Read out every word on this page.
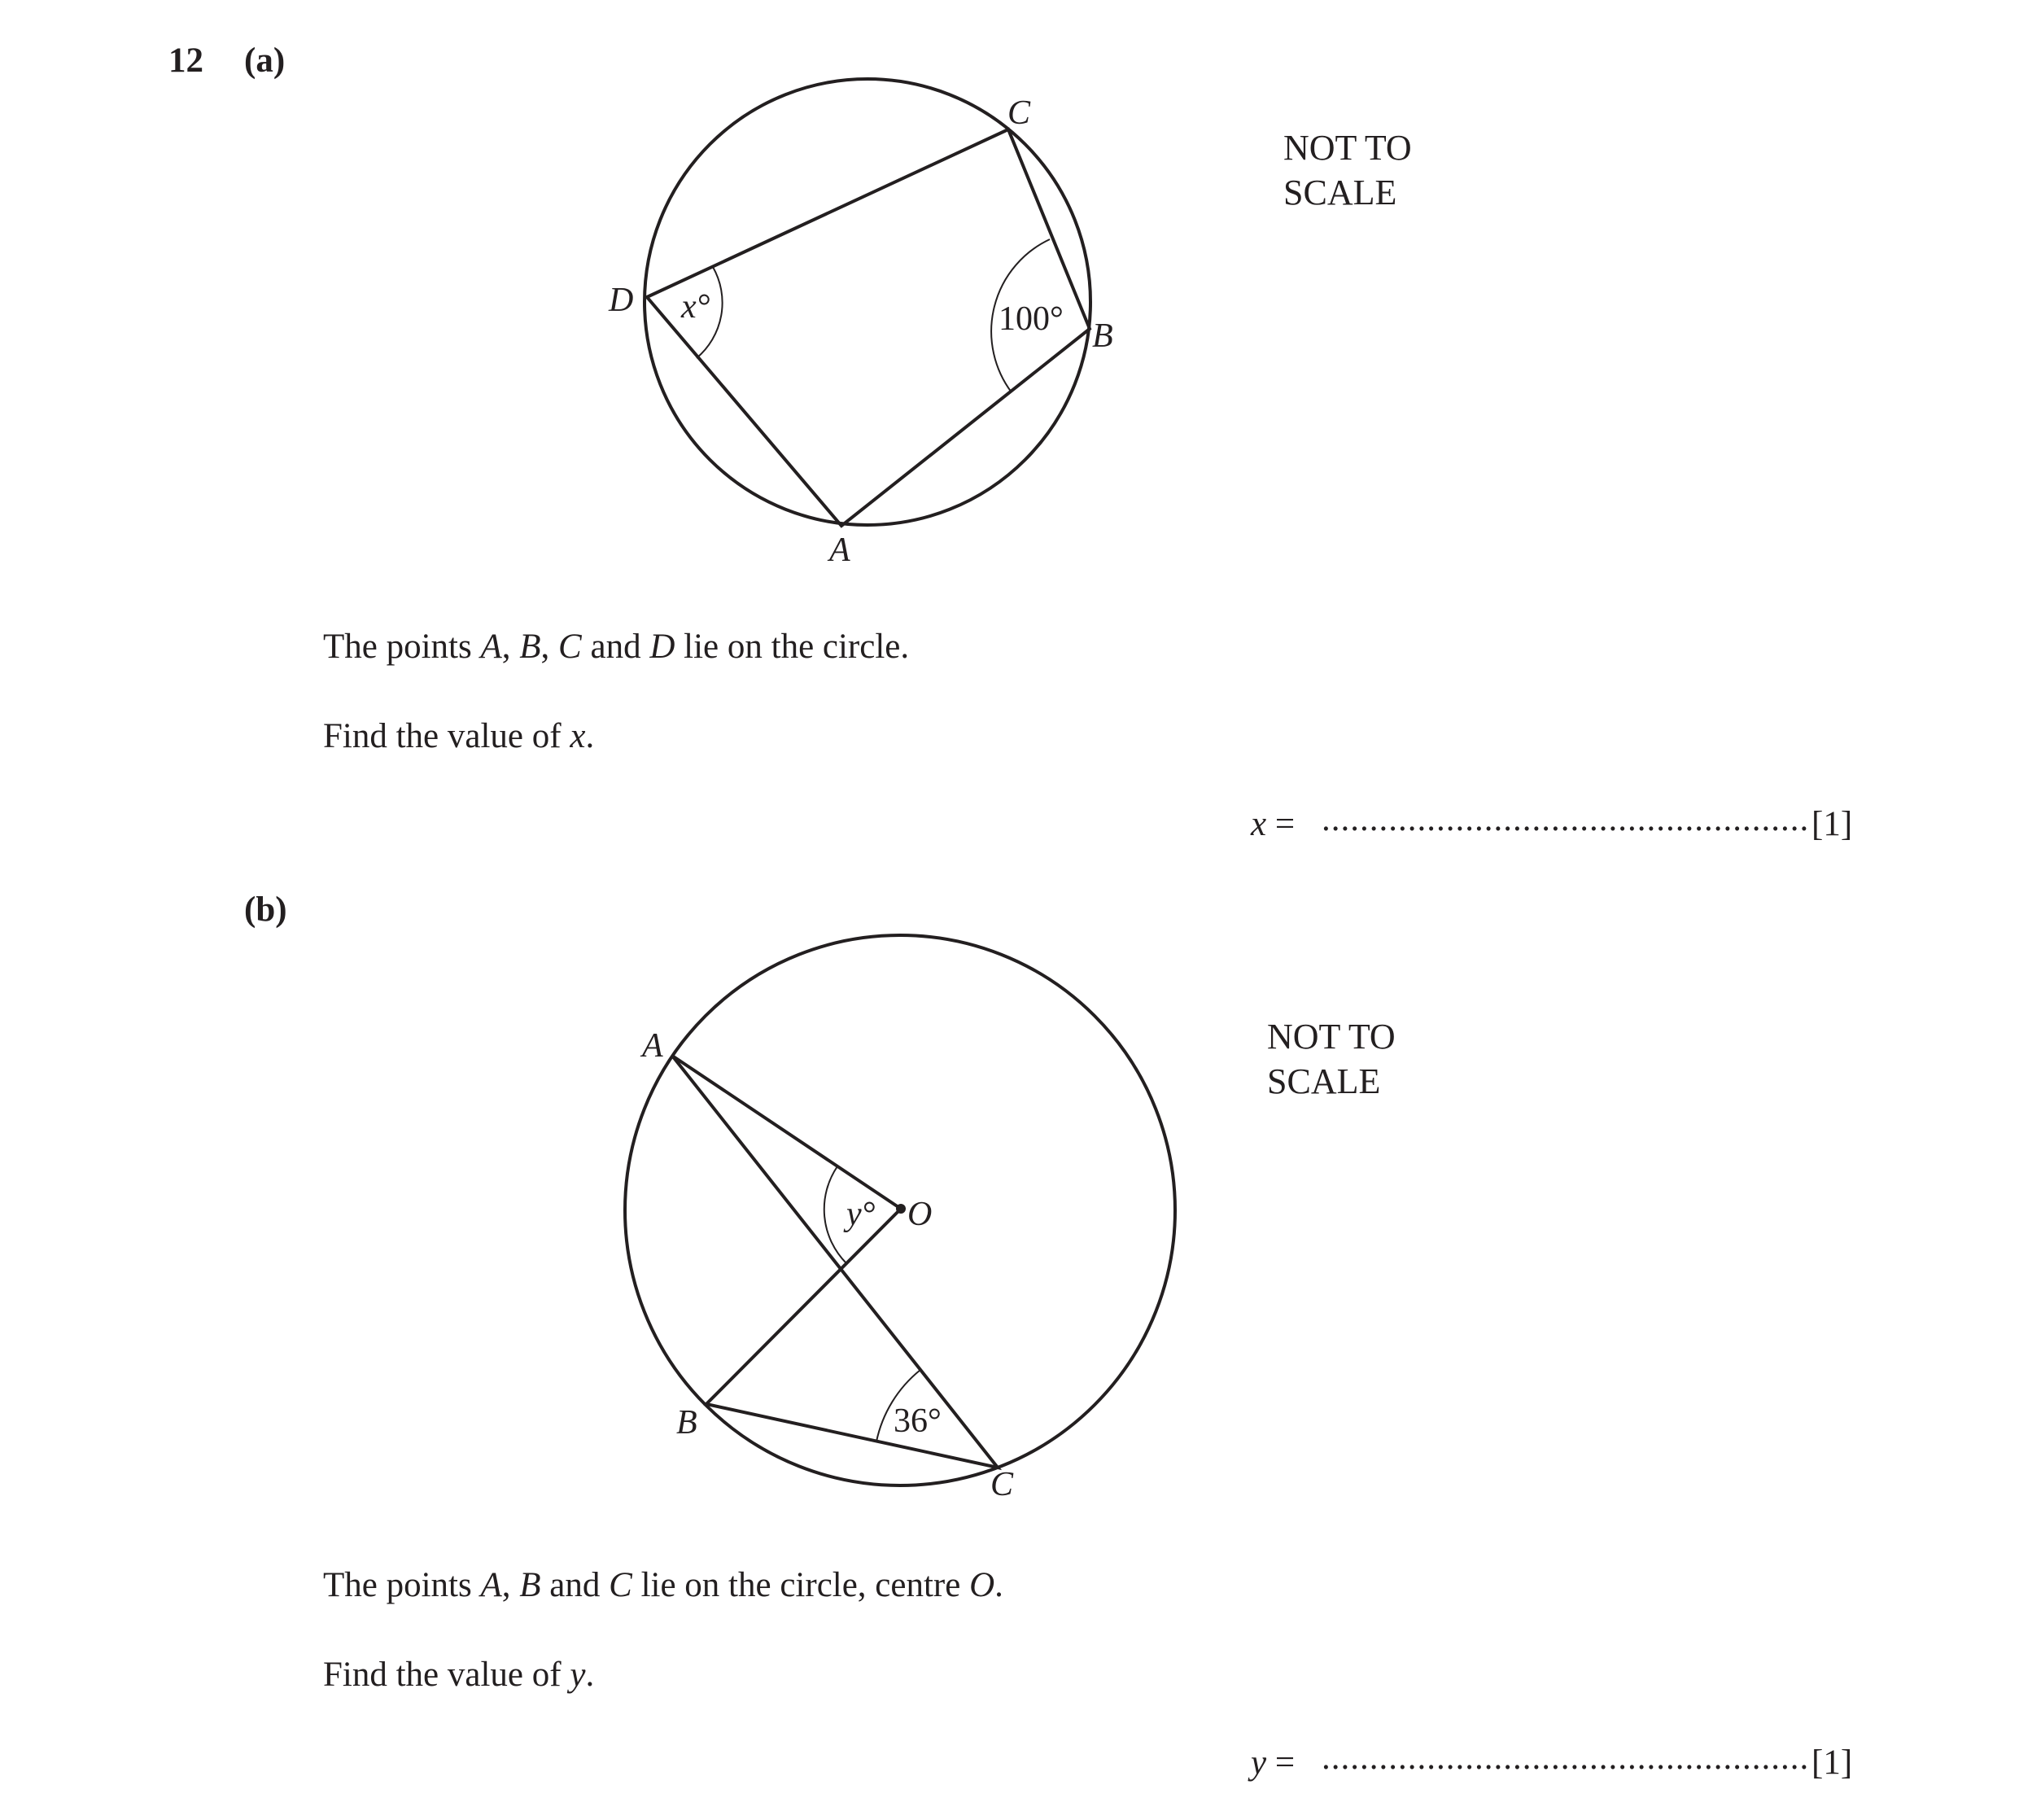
12 (a)
x°	100°
D
C
B
A
NOT TO
SCALE
The points A, B, C and D lie on the circle.
Find the value of x.
x = ................................................... [1]
(b)
y°
36°
A
O
B
C
NOT TO
SCALE
The points A, B and C lie on the circle, centre O.
Find the value of y.
y = ................................................... [1]
